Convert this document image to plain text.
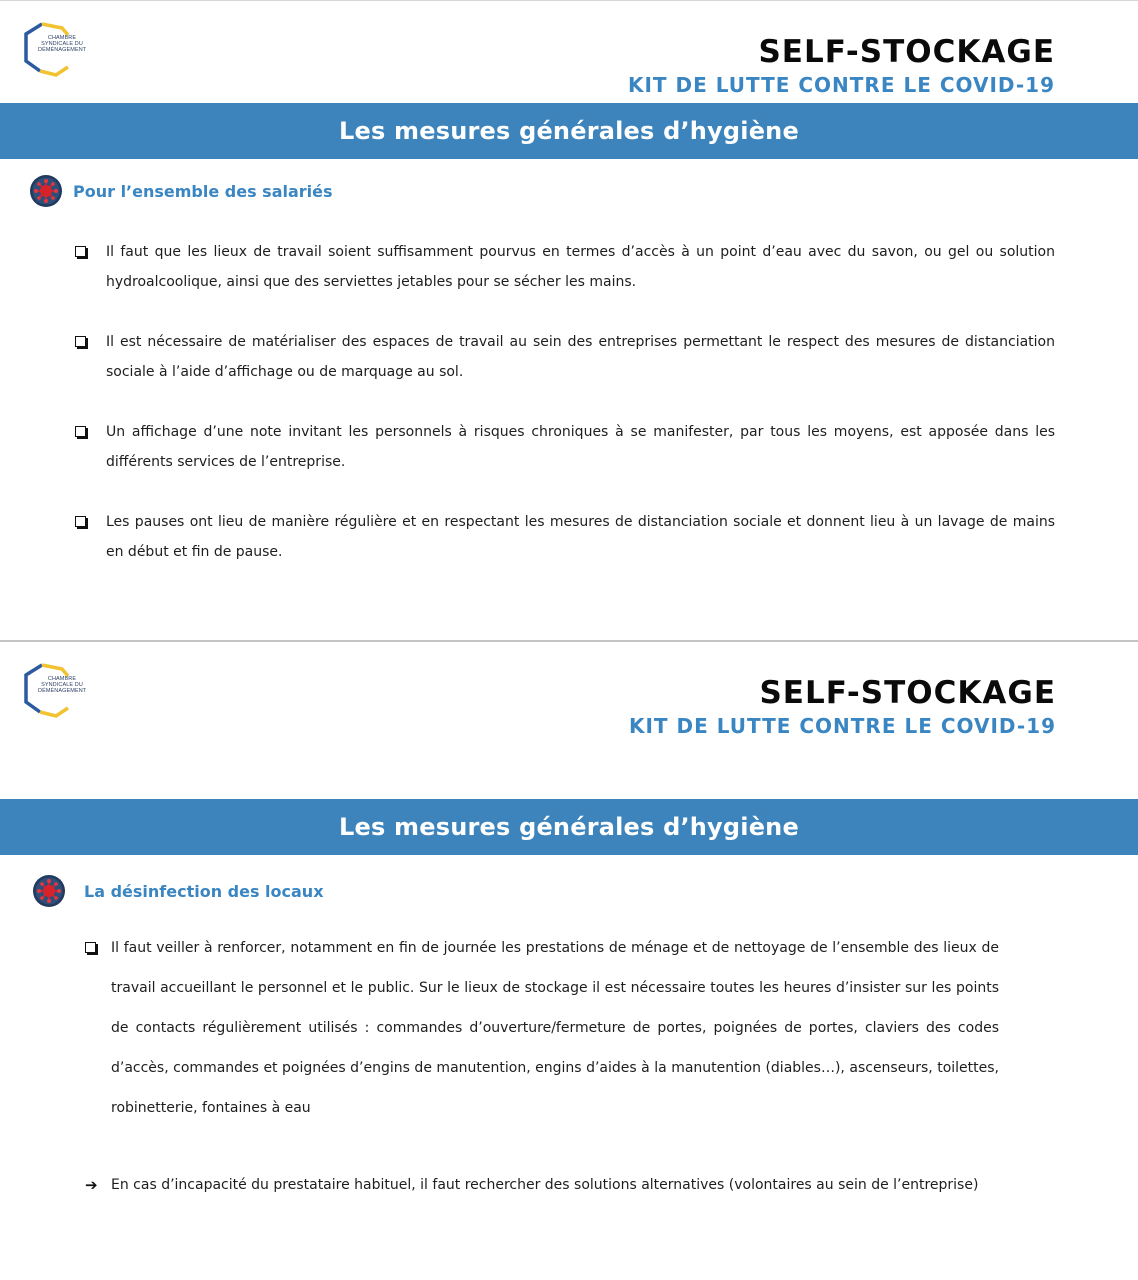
CHAMBRE
SYNDICALE DU
DÉMÉNAGEMENT	SELF-STOCKAGE
KIT DE LUTTE CONTRE LE COVID-19
Les mesures générales d’hygiène
Pour l’ensemble des salariés
Il faut que les lieux de travail soient suffisamment pourvus en termes d’accès à un point d’eau avec du savon, ou gel ou solution hydroalcoolique, ainsi que des serviettes jetables pour se sécher les mains.
Il est nécessaire de matérialiser des espaces de travail au sein des entreprises permettant le respect des mesures de distanciation sociale à l’aide d’affichage ou de marquage au sol.
Un affichage d’une note invitant les personnels à risques chroniques à se manifester, par tous les moyens, est apposée dans les différents services de l’entreprise.
Les pauses ont lieu de manière régulière et en respectant les mesures de distanciation sociale et donnent lieu à un lavage de mains en début et fin de pause.
CHAMBRE
SYNDICALE DU
DÉMÉNAGEMENT	SELF-STOCKAGE
KIT DE LUTTE CONTRE LE COVID-19
Les mesures générales d’hygiène
La désinfection des locaux
Il faut veiller à renforcer, notamment en fin de journée les prestations de ménage et de nettoyage de l’ensemble des lieux de travail accueillant le personnel et le public. Sur le lieux de stockage il est nécessaire toutes les heures d’insister sur les points de contacts régulièrement utilisés : commandes d’ouverture/fermeture de portes, poignées de portes, claviers des codes d’accès, commandes et poignées d’engins de manutention, engins d’aides à la manutention (diables…), ascenseurs, toilettes, robinetterie, fontaines à eau
➔ En cas d’incapacité du prestataire habituel, il faut rechercher des solutions alternatives (volontaires au sein de l’entreprise)
